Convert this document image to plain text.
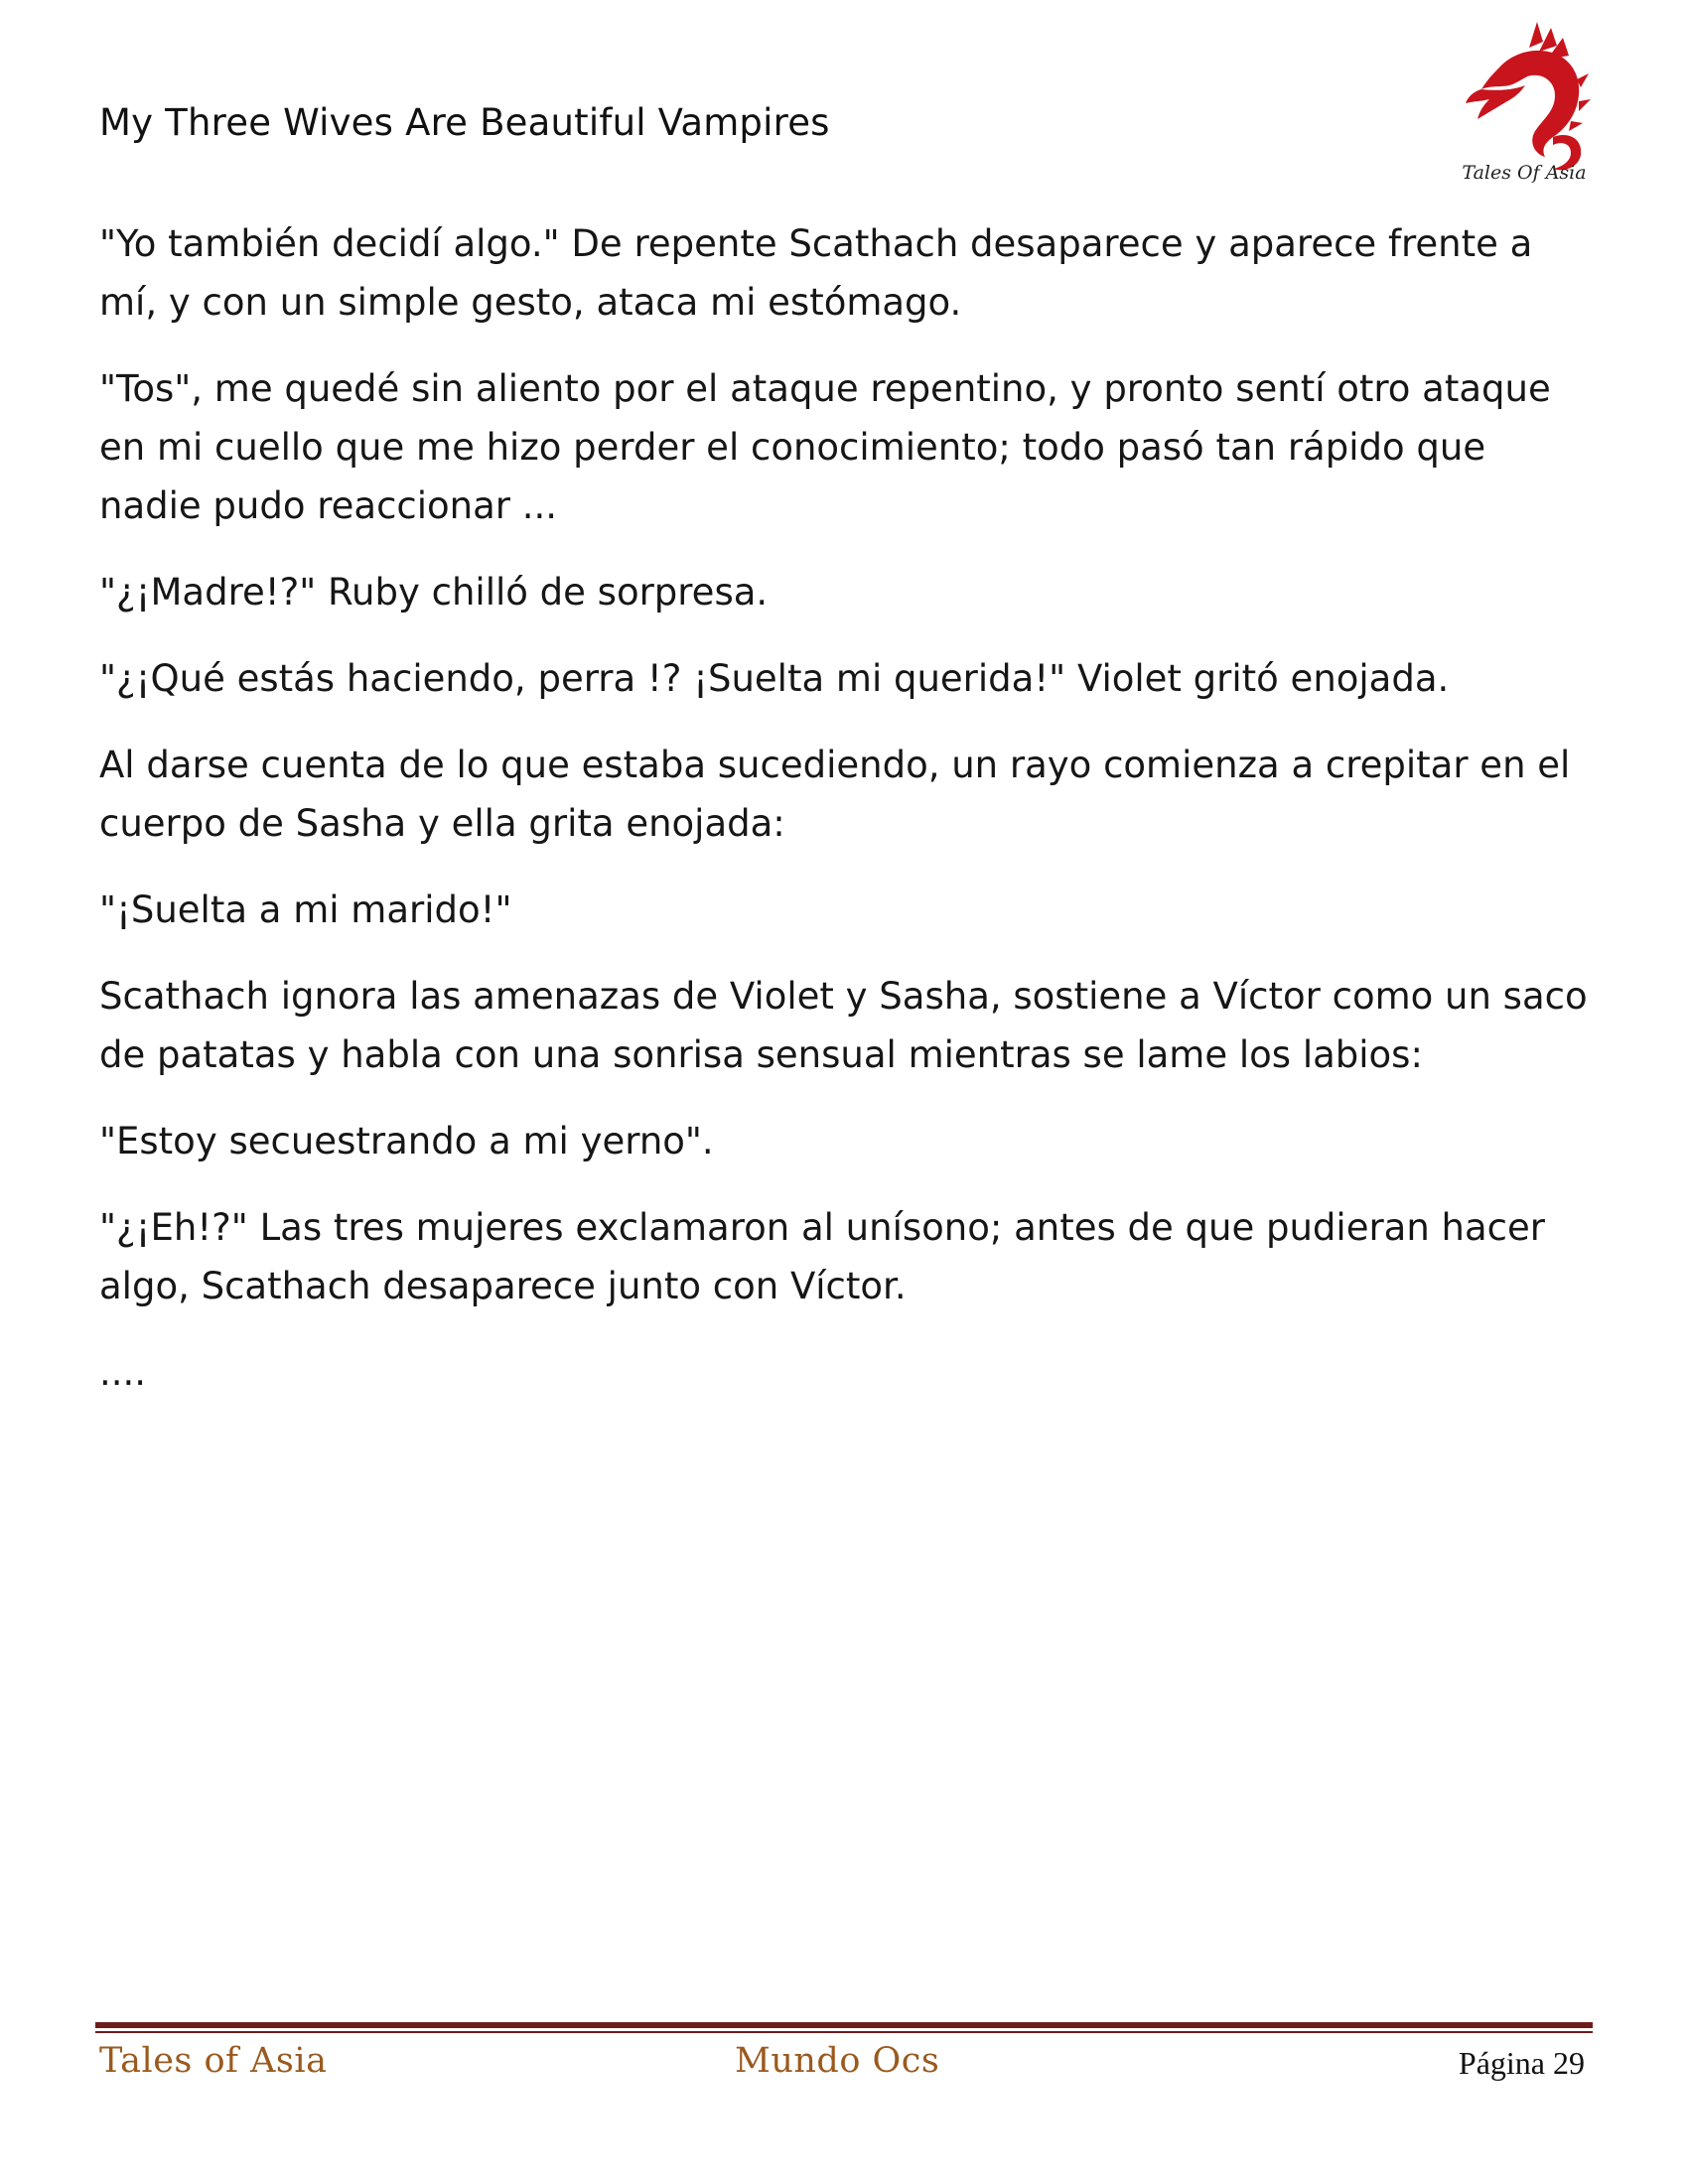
My Three Wives Are Beautiful Vampires
Tales Of Asia

"Yo también decidí algo." De repente Scathach desaparece y aparece frente a mí, y con un simple gesto, ataca mi estómago.

"Tos", me quedé sin aliento por el ataque repentino, y pronto sentí otro ataque en mi cuello que me hizo perder el conocimiento; todo pasó tan rápido que nadie pudo reaccionar ...

"¿¡Madre!?" Ruby chilló de sorpresa.

"¿¡Qué estás haciendo, perra !? ¡Suelta mi querida!" Violet gritó enojada.

Al darse cuenta de lo que estaba sucediendo, un rayo comienza a crepitar en el cuerpo de Sasha y ella grita enojada:

"¡Suelta a mi marido!"

Scathach ignora las amenazas de Violet y Sasha, sostiene a Víctor como un saco de patatas y habla con una sonrisa sensual mientras se lame los labios:

"Estoy secuestrando a mi yerno".

"¿¡Eh!?" Las tres mujeres exclamaron al unísono; antes de que pudieran hacer algo, Scathach desaparece junto con Víctor.

....

Tales of Asia	Mundo Ocs	Página 29
